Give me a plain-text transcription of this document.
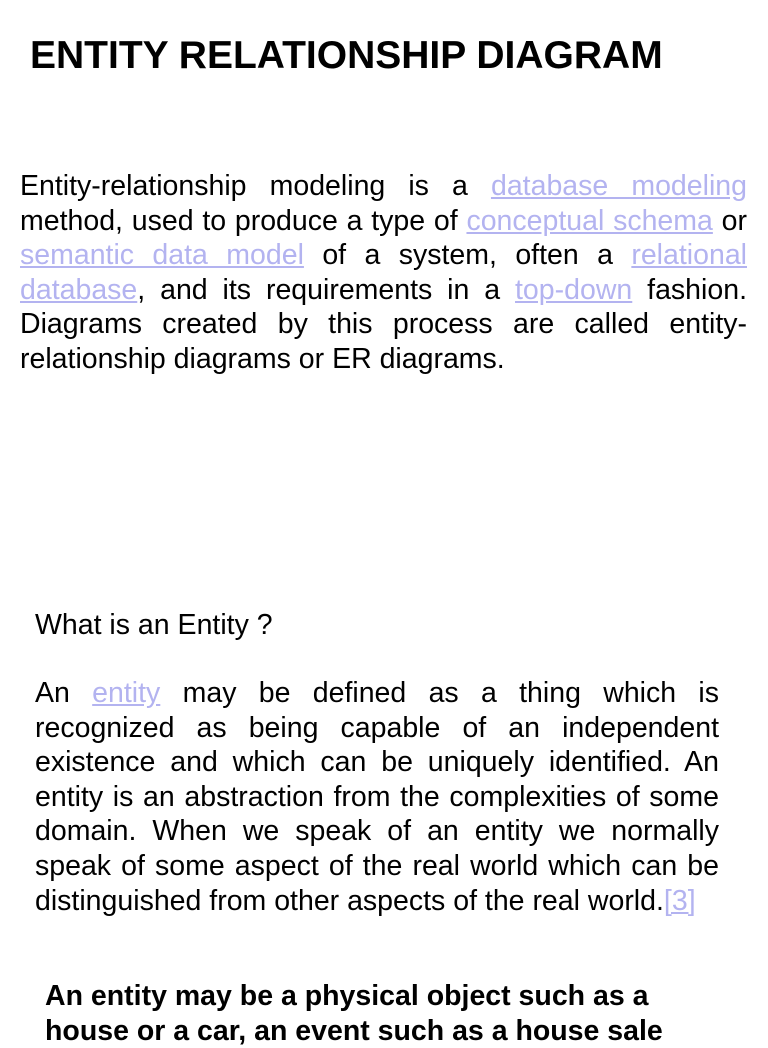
ENTITY RELATIONSHIP DIAGRAM

Entity-relationship modeling is a database modeling method, used to produce a type of conceptual schema or semantic data model of a system, often a relational database, and its requirements in a top-down fashion. Diagrams created by this process are called entity-relationship diagrams or ER diagrams.

What is an Entity ?

An entity may be defined as a thing which is recognized as being capable of an independent existence and which can be uniquely identified. An entity is an abstraction from the complexities of some domain. When we speak of an entity we normally speak of some aspect of the real world which can be distinguished from other aspects of the real world.[3]

An entity may be a physical object such as a house or a car, an event such as a house sale
